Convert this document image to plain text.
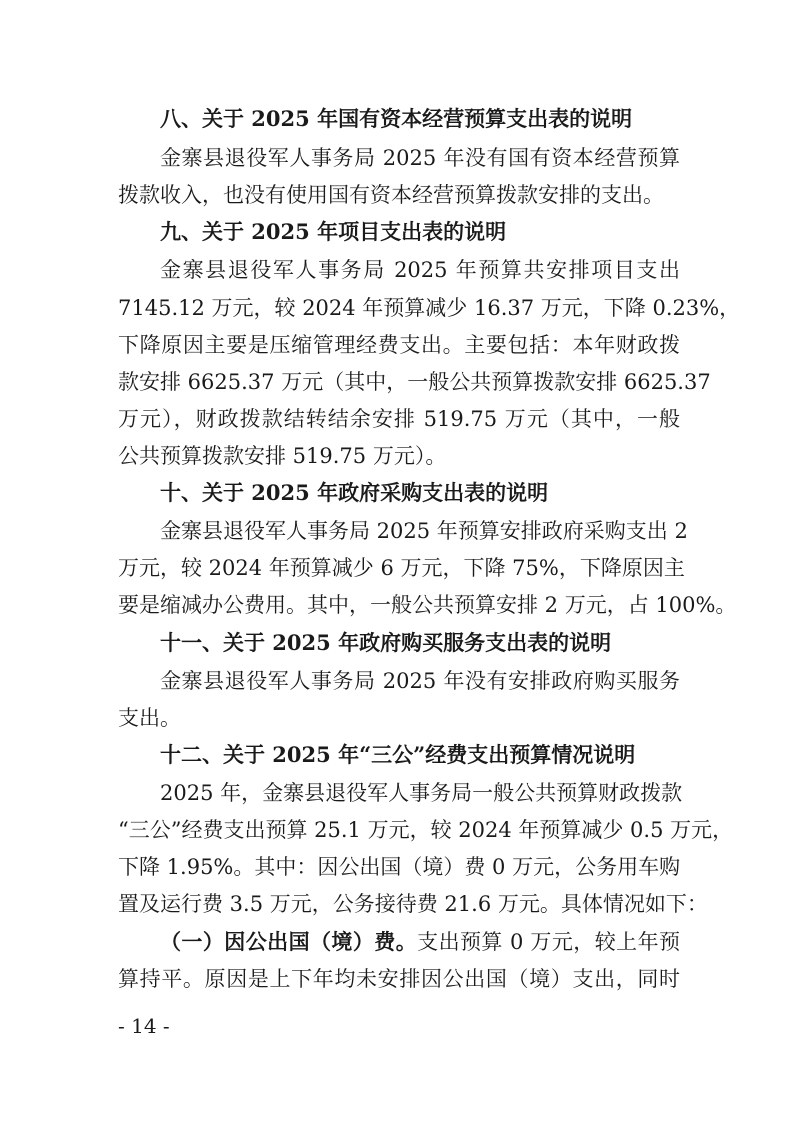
八、关于 2025 年国有资本经营预算支出表的说明
金寨县退役军人事务局 2025 年没有国有资本经营预算
拨款收入，也没有使用国有资本经营预算拨款安排的支出。
九、关于 2025 年项目支出表的说明
金寨县退役军人事务局 2025 年预算共安排项目支出
7145.12 万元，较 2024 年预算减少 16.37 万元，下降 0.23%，
下降原因主要是压缩管理经费支出。主要包括：本年财政拨
款安排 6625.37 万元（其中，一般公共预算拨款安排 6625.37
万元），财政拨款结转结余安排 519.75 万元（其中，一般
公共预算拨款安排 519.75 万元）。
十、关于 2025 年政府采购支出表的说明
金寨县退役军人事务局 2025 年预算安排政府采购支出 2
万元，较 2024 年预算减少 6 万元，下降 75%，下降原因主
要是缩减办公费用。其中，一般公共预算安排 2 万元，占 100%。
十一、关于 2025 年政府购买服务支出表的说明
金寨县退役军人事务局 2025 年没有安排政府购买服务
支出。
十二、关于 2025 年“三公”经费支出预算情况说明
2025 年，金寨县退役军人事务局一般公共预算财政拨款
“三公”经费支出预算 25.1 万元，较 2024 年预算减少 0.5 万元，
下降 1.95%。其中：因公出国（境）费 0 万元，公务用车购
置及运行费 3.5 万元，公务接待费 21.6 万元。具体情况如下：
（一）因公出国（境）费。支出预算 0 万元，较上年预
算持平。原因是上下年均未安排因公出国（境）支出，同时
- 14 -
